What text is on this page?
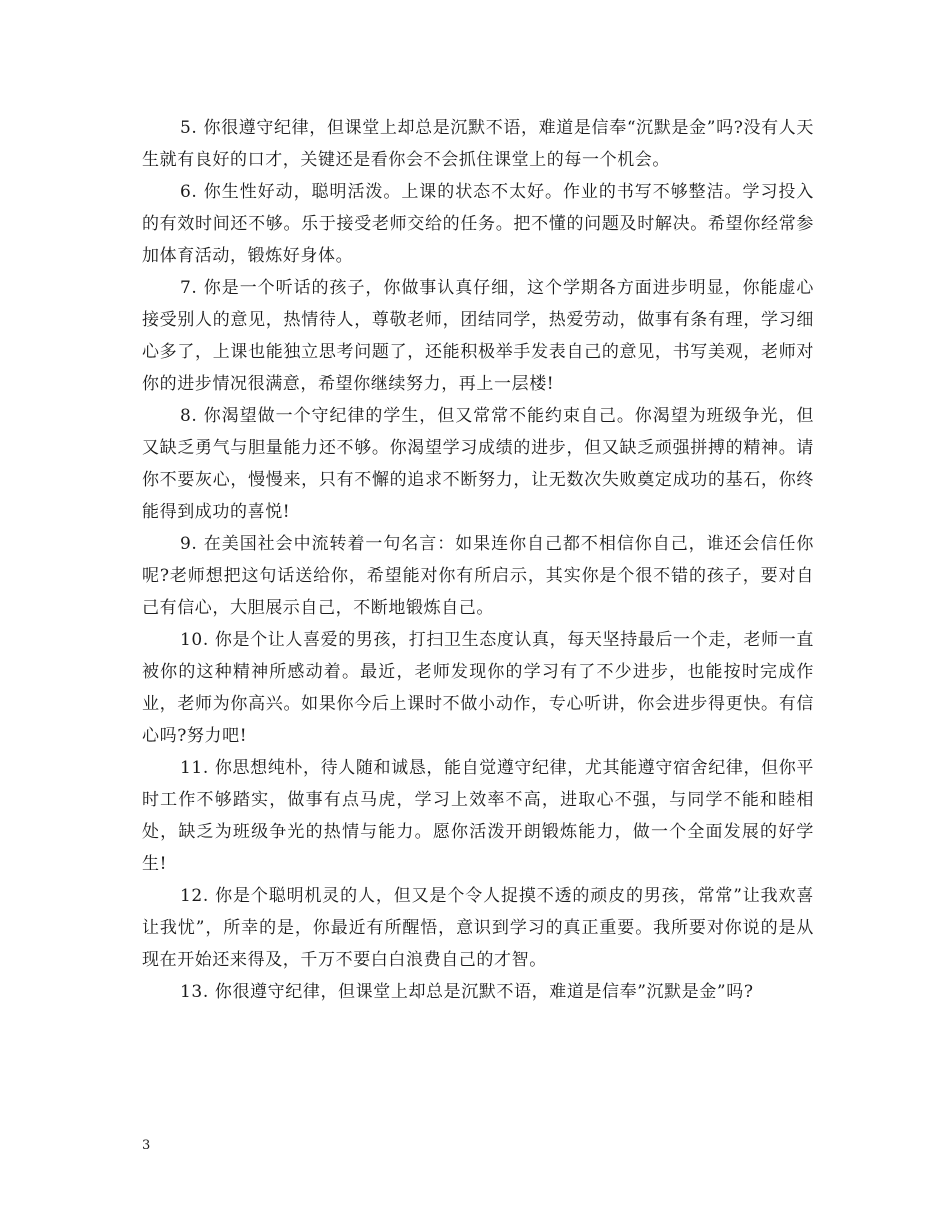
5. 你很遵守纪律，但课堂上却总是沉默不语，难道是信奉“沉默是金”吗?没有人天生就有良好的口才，关键还是看你会不会抓住课堂上的每一个机会。

6. 你生性好动，聪明活泼。上课的状态不太好。作业的书写不够整洁。学习投入的有效时间还不够。乐于接受老师交给的任务。把不懂的问题及时解决。希望你经常参加体育活动，锻炼好身体。

7. 你是一个听话的孩子，你做事认真仔细，这个学期各方面进步明显，你能虚心接受别人的意见，热情待人，尊敬老师，团结同学，热爱劳动，做事有条有理，学习细心多了，上课也能独立思考问题了，还能积极举手发表自己的意见，书写美观，老师对你的进步情况很满意，希望你继续努力，再上一层楼!

8. 你渴望做一个守纪律的学生，但又常常不能约束自己。你渴望为班级争光，但又缺乏勇气与胆量能力还不够。你渴望学习成绩的进步，但又缺乏顽强拼搏的精神。请你不要灰心，慢慢来，只有不懈的追求不断努力，让无数次失败奠定成功的基石，你终能得到成功的喜悦!

9. 在美国社会中流转着一句名言：如果连你自己都不相信你自己，谁还会信任你呢?老师想把这句话送给你，希望能对你有所启示，其实你是个很不错的孩子，要对自己有信心，大胆展示自己，不断地锻炼自己。

10. 你是个让人喜爱的男孩，打扫卫生态度认真，每天坚持最后一个走，老师一直被你的这种精神所感动着。最近，老师发现你的学习有了不少进步，也能按时完成作业，老师为你高兴。如果你今后上课时不做小动作，专心听讲，你会进步得更快。有信心吗?努力吧!

11. 你思想纯朴，待人随和诚恳，能自觉遵守纪律，尤其能遵守宿舍纪律，但你平时工作不够踏实，做事有点马虎，学习上效率不高，进取心不强，与同学不能和睦相处，缺乏为班级争光的热情与能力。愿你活泼开朗锻炼能力，做一个全面发展的好学生!

12. 你是个聪明机灵的人，但又是个令人捉摸不透的顽皮的男孩，常常”让我欢喜让我忧”，所幸的是，你最近有所醒悟，意识到学习的真正重要。我所要对你说的是从现在开始还来得及，千万不要白白浪费自己的才智。

13. 你很遵守纪律，但课堂上却总是沉默不语，难道是信奉”沉默是金”吗?

3
